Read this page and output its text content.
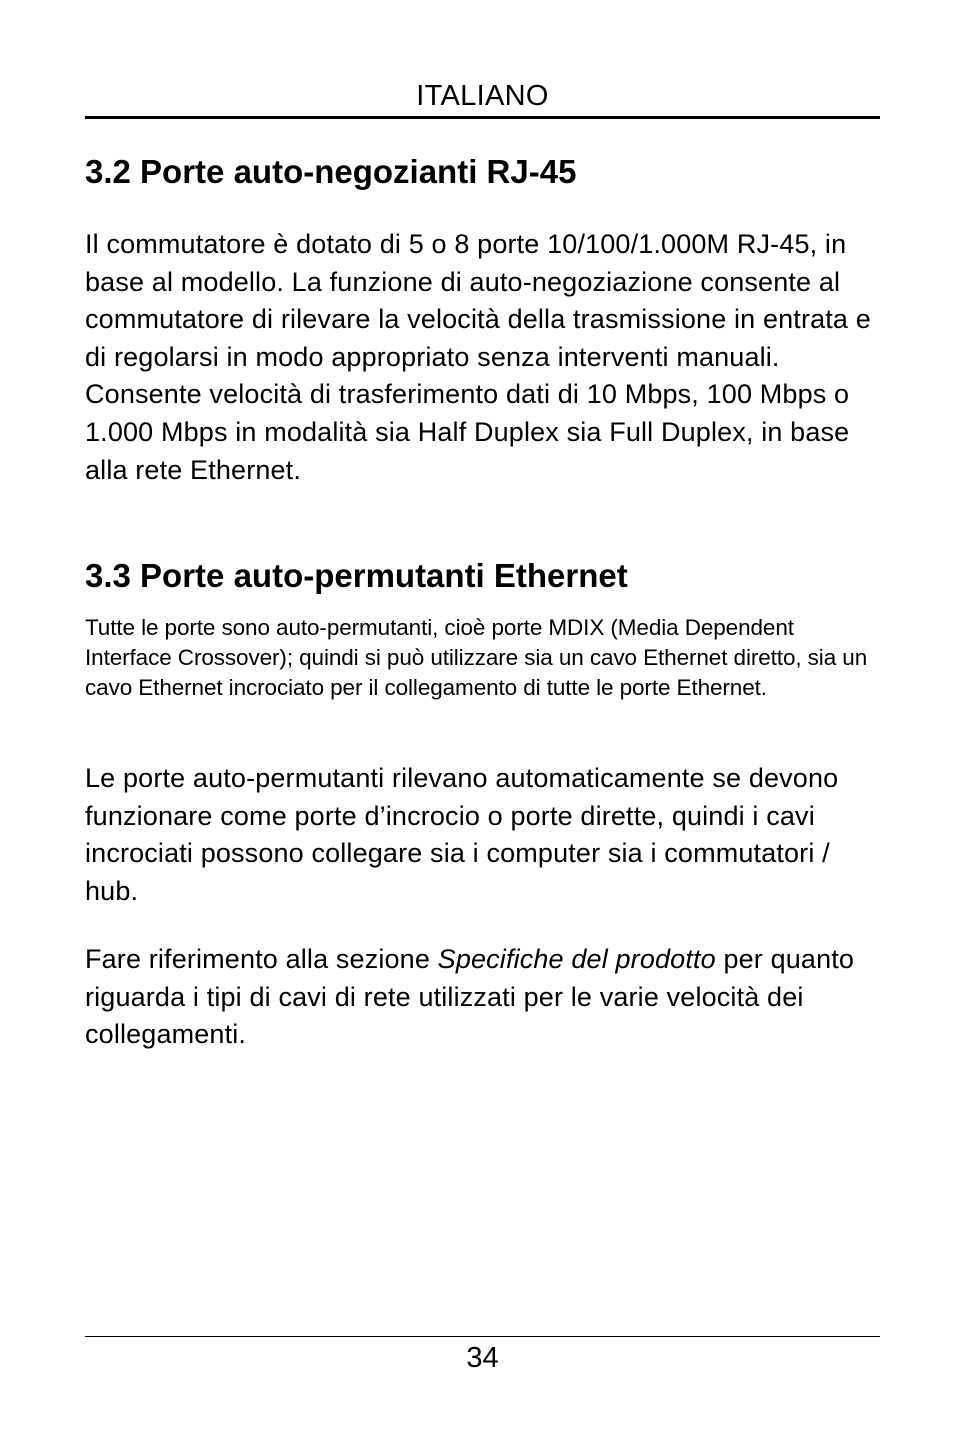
ITALIANO
3.2 Porte auto-negozianti RJ-45

Il commutatore è dotato di 5 o 8 porte 10/100/1.000M RJ-45, in base al modello. La funzione di auto-negoziazione consente al commutatore di rilevare la velocità della trasmissione in entrata e di regolarsi in modo appropriato senza interventi manuali. Consente velocità di trasferimento dati di 10 Mbps, 100 Mbps o 1.000 Mbps in modalità sia Half Duplex sia Full Duplex, in base alla rete Ethernet.

3.3 Porte auto-permutanti Ethernet

Tutte le porte sono auto-permutanti, cioè porte MDIX (Media Dependent Interface Crossover); quindi si può utilizzare sia un cavo Ethernet diretto, sia un cavo Ethernet incrociato per il collegamento di tutte le porte Ethernet.

Le porte auto-permutanti rilevano automaticamente se devono funzionare come porte d’incrocio o porte dirette, quindi i cavi incrociati possono collegare sia i computer sia i commutatori / hub.

Fare riferimento alla sezione Specifiche del prodotto per quanto riguarda i tipi di cavi di rete utilizzati per le varie velocità dei collegamenti.

34
